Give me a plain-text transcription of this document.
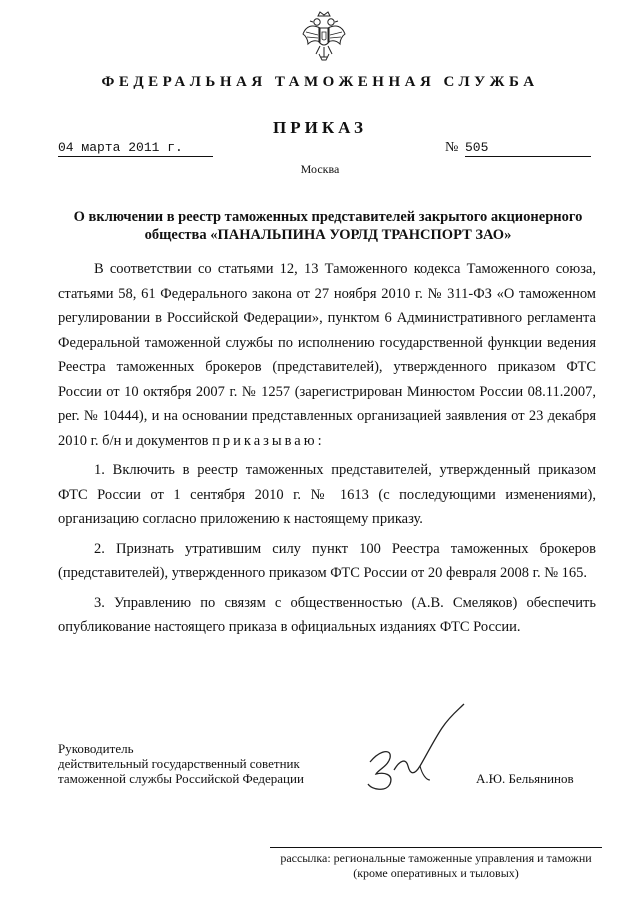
ФЕДЕРАЛЬНАЯ ТАМОЖЕННАЯ СЛУЖБА
ПРИКАЗ
04 марта 2011 г.	№ 505
Москва
О включении в реестр таможенных представителей закрытого акционерного
общества «ПАНАЛЬПИНА УОРЛД ТРАНСПОРТ ЗАО»

В соответствии со статьями 12, 13 Таможенного кодекса Таможенного союза, статьями 58, 61 Федерального закона от 27 ноября 2010 г. № 311-ФЗ «О таможенном регулировании в Российской Федерации», пунктом 6 Административного регламента Федеральной таможенной службы по исполнению государственной функции ведения Реестра таможенных брокеров (представителей), утвержденного приказом ФТС России от 10 октября 2007 г. № 1257 (зарегистрирован Минюстом России 08.11.2007, рег. № 10444), и на основании представленных организацией заявления от 23 декабря 2010 г. б/н и документов приказываю:

1. Включить в реестр таможенных представителей, утвержденный приказом ФТС России от 1 сентября 2010 г. № 1613 (с последующими изменениями), организацию согласно приложению к настоящему приказу.

2. Признать утратившим силу пункт 100 Реестра таможенных брокеров (представителей), утвержденного приказом ФТС России от 20 февраля 2008 г. № 165.

3. Управлению по связям с общественностью (А.В. Смеляков) обеспечить опубликование настоящего приказа в официальных изданиях ФТС России.

Руководитель
действительный государственный советник
таможенной службы Российской Федерации	А.Ю. Бельянинов
рассылка: региональные таможенные управления и таможни
(кроме оперативных и тыловых)
